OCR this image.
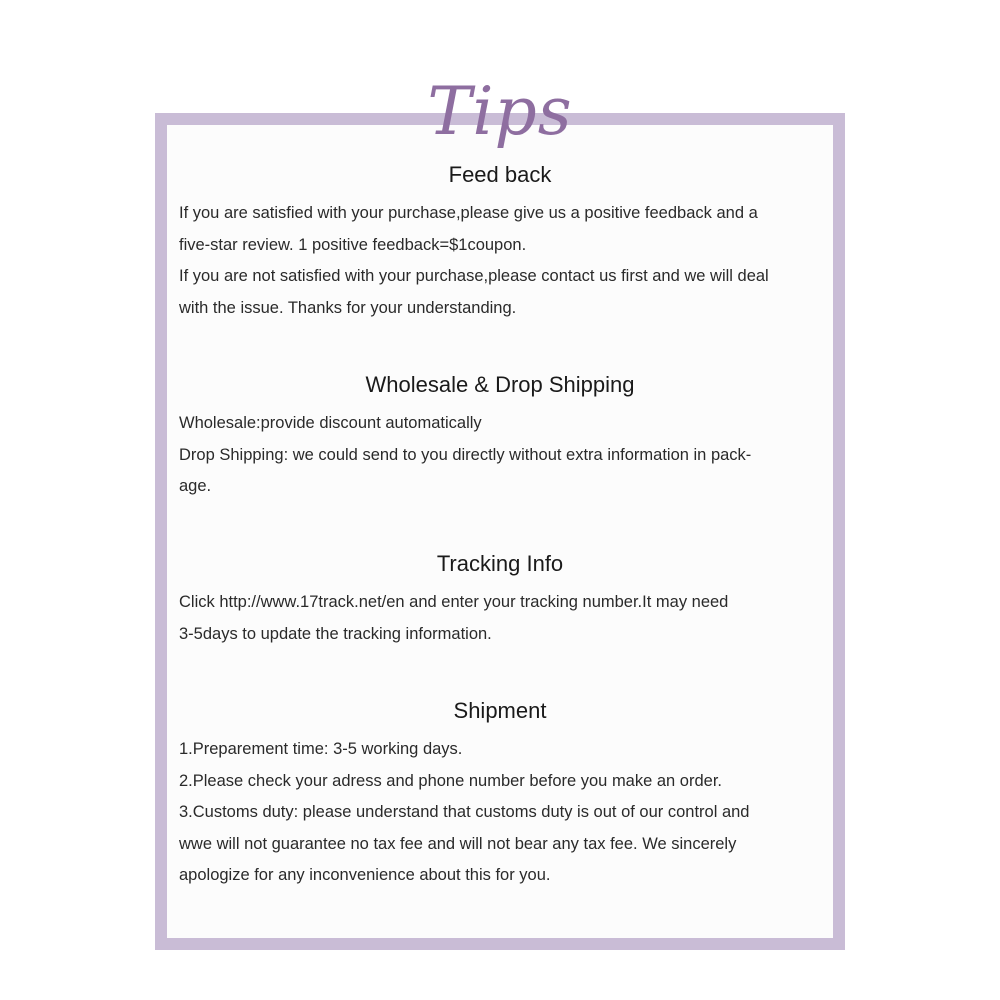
Tips
Feed back
If you are satisfied with your purchase,please give us a positive feedback and a
five-star review. 1 positive feedback=$1coupon.
If you are not satisfied with your purchase,please contact us first and we will deal
with the issue. Thanks for your understanding.
Wholesale & Drop Shipping
Wholesale:provide discount automatically
Drop Shipping: we could send to you directly without extra information in pack-
age.
Tracking Info
Click http://www.17track.net/en and enter your tracking number.It may need
3-5days to update the tracking information.
Shipment
1.Preparement time: 3-5 working days.
2.Please check your adress and phone number before you make an order.
3.Customs duty: please understand that customs duty is out of our control and
wwe will not guarantee no tax fee and will not bear any tax fee. We sincerely
apologize for any inconvenience about this for you.
